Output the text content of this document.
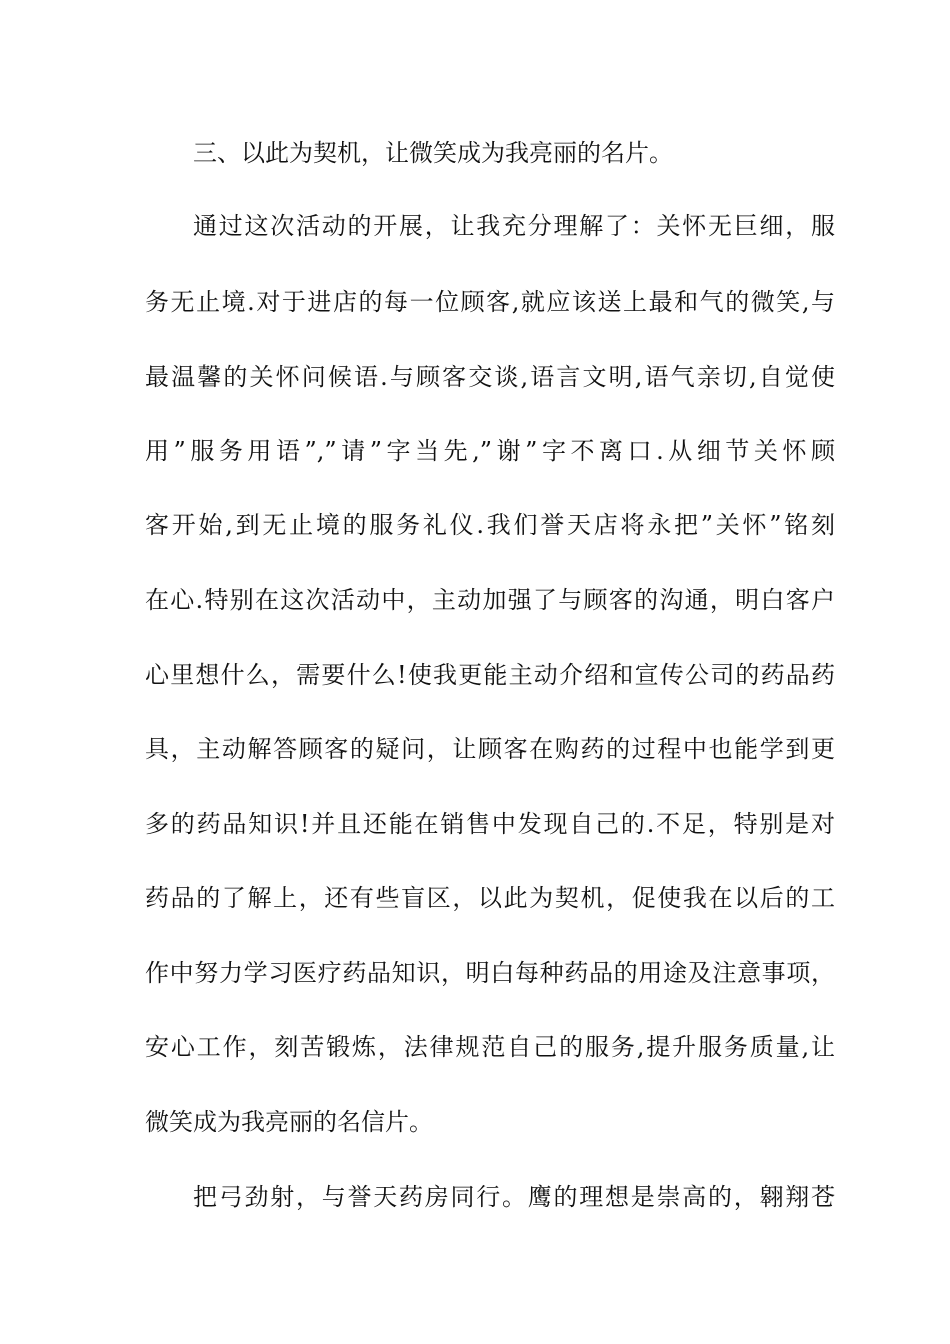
三、以此为契机，让微笑成为我亮丽的名片。
通过这次活动的开展，让我充分理解了：关怀无巨细，服
务无止境.对于进店的每一位顾客,就应该送上最和气的微笑,与
最温馨的关怀问候语.与顾客交谈,语言文明,语气亲切,自觉使
用”服务用语”,”请”字当先,”谢”字不离口.从细节关怀顾
客开始,到无止境的服务礼仪.我们誉天店将永把”关怀”铭刻
在心.特别在这次活动中，主动加强了与顾客的沟通，明白客户
心里想什么，需要什么!使我更能主动介绍和宣传公司的药品药
具，主动解答顾客的疑问，让顾客在购药的过程中也能学到更
多的药品知识!并且还能在销售中发现自己的.不足，特别是对
药品的了解上，还有些盲区，以此为契机，促使我在以后的工
作中努力学习医疗药品知识，明白每种药品的用途及注意事项，
安心工作，刻苦锻炼，法律规范自己的服务,提升服务质量,让
微笑成为我亮丽的名信片。
把弓劲射，与誉天药房同行。鹰的理想是崇高的，翱翔苍
